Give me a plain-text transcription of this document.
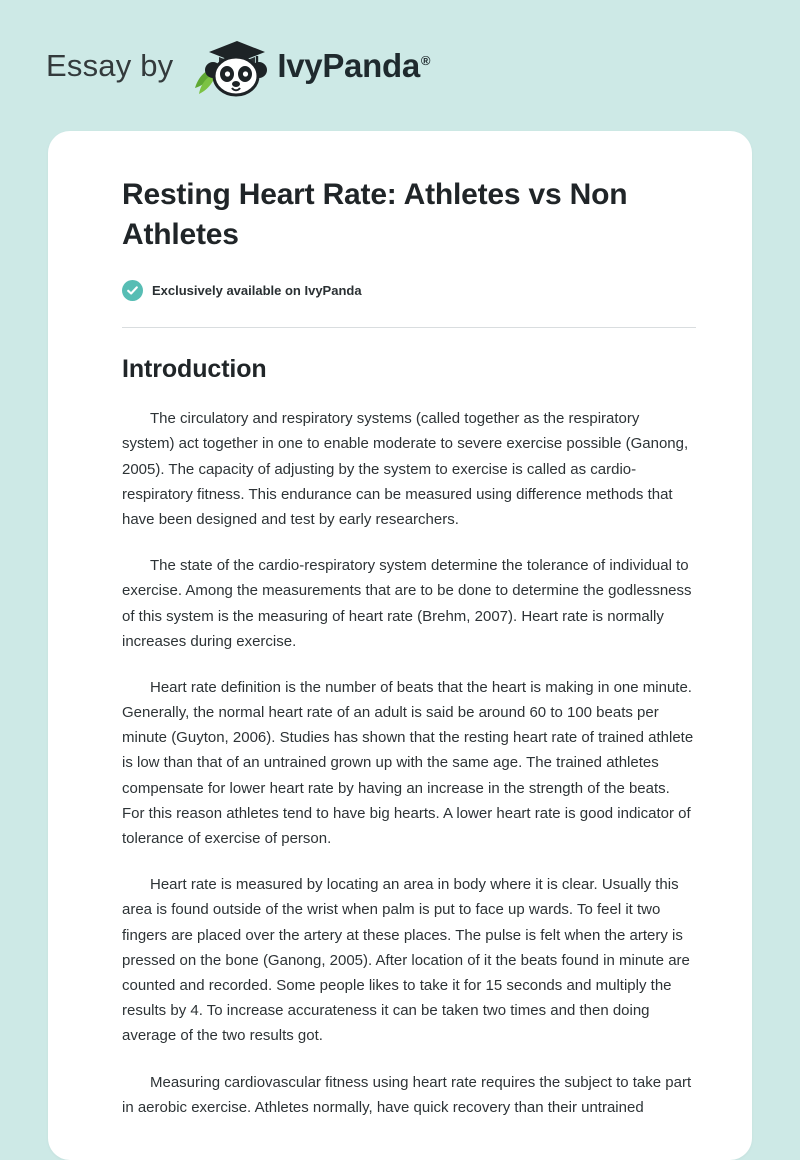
Essay by	IvyPanda®
Resting Heart Rate: Athletes vs Non Athletes
Exclusively available on IvyPanda
Introduction

The circulatory and respiratory systems (called together as the respiratory system) act together in one to enable moderate to severe exercise possible (Ganong, 2005). The capacity of adjusting by the system to exercise is called as cardio-respiratory fitness. This endurance can be measured using difference methods that have been designed and test by early researchers.

The state of the cardio-respiratory system determine the tolerance of individual to exercise. Among the measurements that are to be done to determine the godlessness of this system is the measuring of heart rate (Brehm, 2007). Heart rate is normally increases during exercise.

Heart rate definition is the number of beats that the heart is making in one minute. Generally, the normal heart rate of an adult is said be around 60 to 100 beats per minute (Guyton, 2006). Studies has shown that the resting heart rate of trained athlete is low than that of an untrained grown up with the same age. The trained athletes compensate for lower heart rate by having an increase in the strength of the beats. For this reason athletes tend to have big hearts. A lower heart rate is good indicator of tolerance of exercise of person.

Heart rate is measured by locating an area in body where it is clear. Usually this area is found outside of the wrist when palm is put to face up wards. To feel it two fingers are placed over the artery at these places. The pulse is felt when the artery is pressed on the bone (Ganong, 2005). After location of it the beats found in minute are counted and recorded. Some people likes to take it for 15 seconds and multiply the results by 4. To increase accurateness it can be taken two times and then doing average of the two results got.

Measuring cardiovascular fitness using heart rate requires the subject to take part in aerobic exercise. Athletes normally, have quick recovery than their untrained
